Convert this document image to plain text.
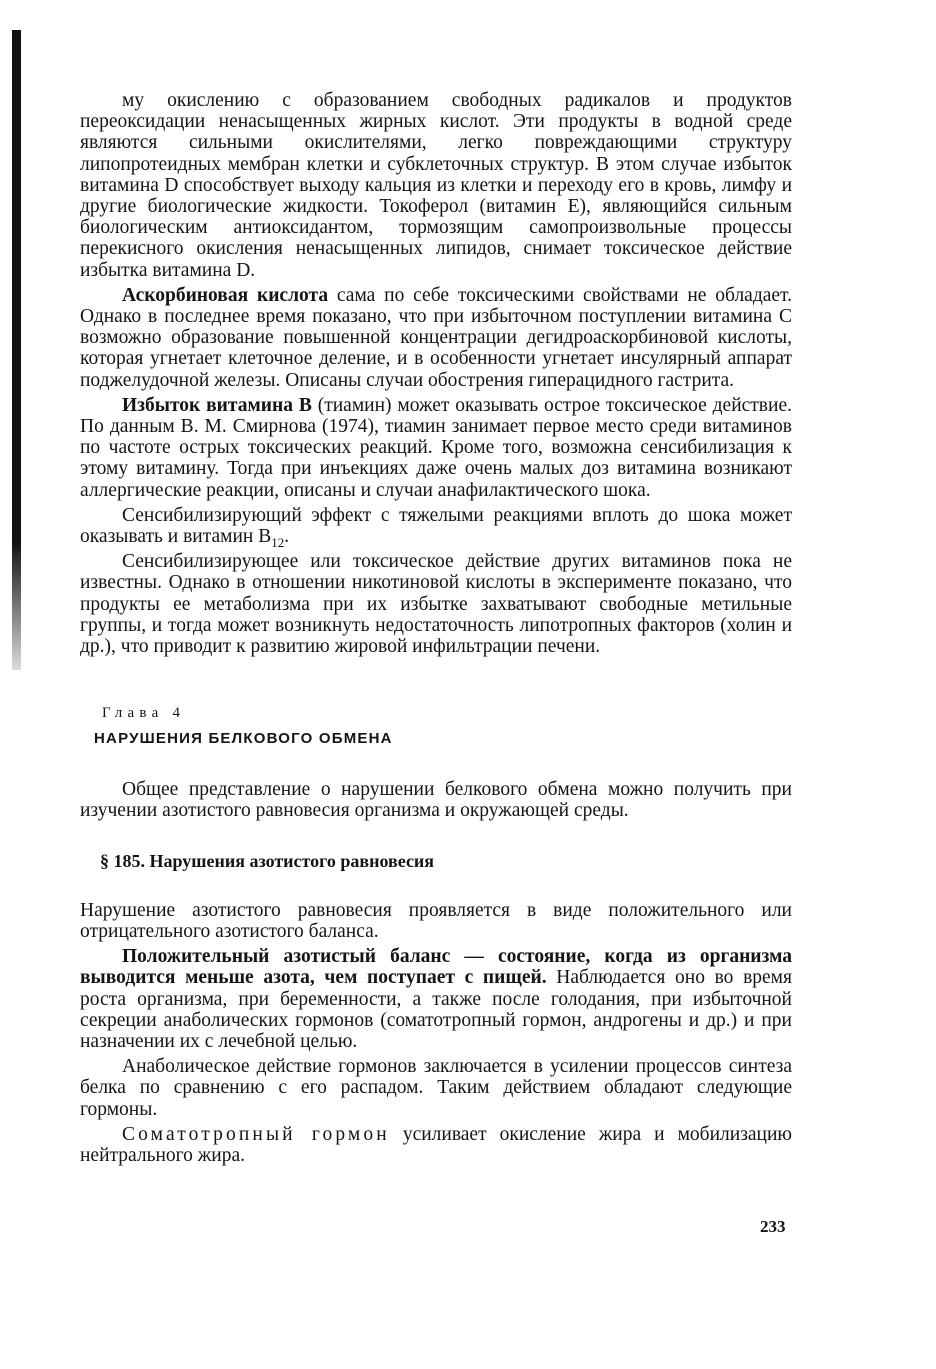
му окислению с образованием свободных радикалов и продуктов переоксидации ненасыщенных жирных кислот. Эти продукты в водной среде являются сильными окислителями, легко повреждающими структуру липопротеидных мембран клетки и субклеточных структур. В этом случае избыток витамина D способствует выходу кальция из клетки и переходу его в кровь, лимфу и другие биологические жидкости. Токоферол (витамин Е), являющийся сильным биологическим антиоксидантом, тормозящим самопроизвольные процессы перекисного окисления ненасыщенных липидов, снимает токсическое действие избытка витамина D.

Аскорбиновая кислота сама по себе токсическими свойствами не обладает. Однако в последнее время показано, что при избыточном поступлении витамина С возможно образование повышенной концентрации дегидроаскорбиновой кислоты, которая угнетает клеточное деление, и в особенности угнетает инсулярный аппарат поджелудочной железы. Описаны случаи обострения гиперацидного гастрита.

Избыток витамина В (тиамин) может оказывать острое токсическое действие. По данным В. М. Смирнова (1974), тиамин занимает первое место среди витаминов по частоте острых токсических реакций. Кроме того, возможна сенсибилизация к этому витамину. Тогда при инъекциях даже очень малых доз витамина возникают аллергические реакции, описаны и случаи анафилактического шока.

Сенсибилизирующий эффект с тяжелыми реакциями вплоть до шока может оказывать и витамин $В_{12}$.

Сенсибилизирующее или токсическое действие других витаминов пока не известны. Однако в отношении никотиновой кислоты в эксперименте показано, что продукты ее метаболизма при их избытке захватывают свободные метильные группы, и тогда может возникнуть недостаточность липотропных факторов (холин и др.), что приводит к развитию жировой инфильтрации печени.

Глава 4
НАРУШЕНИЯ БЕЛКОВОГО ОБМЕНА

Общее представление о нарушении белкового обмена можно получить при изучении азотистого равновесия организма и окружающей среды.

§ 185. Нарушения азотистого равновесия

Нарушение азотистого равновесия проявляется в виде положительного или отрицательного азотистого баланса.

Положительный азотистый баланс — состояние, когда из организма выводится меньше азота, чем поступает с пищей. Наблюдается оно во время роста организма, при беременности, а также после голодания, при избыточной секреции анаболических гормонов (соматотропный гормон, андрогены и др.) и при назначении их с лечебной целью.

Анаболическое действие гормонов заключается в усилении процессов синтеза белка по сравнению с его распадом. Таким действием обладают следующие гормоны.

Соматотропный гормон усиливает окисление жира и мобилизацию нейтрального жира.

233
